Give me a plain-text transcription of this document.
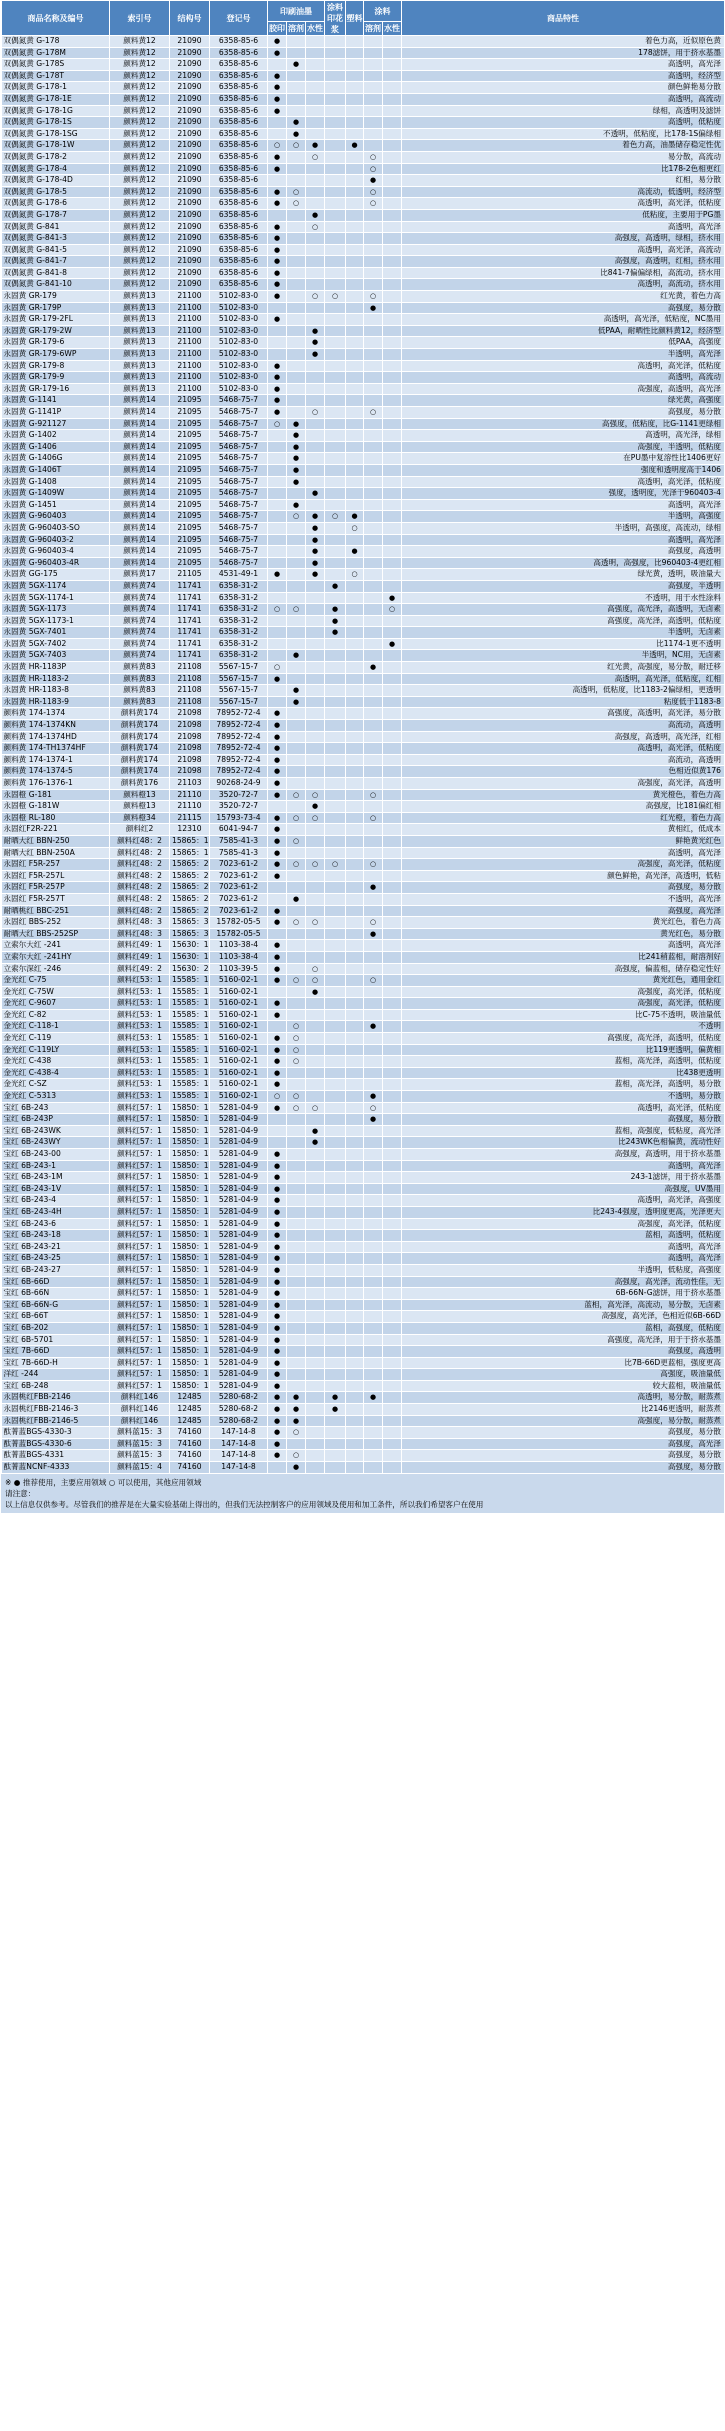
商品名称及编号	索引号	结构号	登记号	印刷油墨			涂料印花浆	塑料	涂料		商品特性
				胶印	溶剂	水性			溶剂	水性	
双偶氮黄 G-178	颜料黄12	21090	6358-85-6	●							着色力高，近似原色黄
双偶氮黄 G-178M	颜料黄12	21090	6358-85-6	●							178滤饼，用于挤水基墨
双偶氮黄 G-178S	颜料黄12	21090	6358-85-6		●						高透明，高光泽
双偶氮黄 G-178T	颜料黄12	21090	6358-85-6	●							高透明，经济型
双偶氮黄 G-178-1	颜料黄12	21090	6358-85-6	●							颜色鲜艳易分散
双偶氮黄 G-178-1E	颜料黄12	21090	6358-85-6	●							高透明，高流动
双偶氮黄 G-178-1G	颜料黄12	21090	6358-85-6	●							绿相，高透明及滤饼
双偶氮黄 G-178-1S	颜料黄12	21090	6358-85-6		●						高透明，低粘度
双偶氮黄 G-178-1SG	颜料黄12	21090	6358-85-6		●						不透明，低粘度，比178-1S偏绿相
双偶氮黄 G-178-1W	颜料黄12	21090	6358-85-6	○	○	●		●			着色力高，油墨储存稳定性优
双偶氮黄 G-178-2	颜料黄12	21090	6358-85-6	●		○			○		易分散，高流动
双偶氮黄 G-178-4	颜料黄12	21090	6358-85-6	●					○		比178-2色相更红
双偶氮黄 G-178-4D	颜料黄12	21090	6358-85-6						●		红相，易分散
双偶氮黄 G-178-5	颜料黄12	21090	6358-85-6	●	○				○		高流动，低透明，经济型
双偶氮黄 G-178-6	颜料黄12	21090	6358-85-6	●	○				○		高透明，高光泽，低粘度
双偶氮黄 G-178-7	颜料黄12	21090	6358-85-6			●					低粘度，主要用于PG墨
双偶氮黄 G-841	颜料黄12	21090	6358-85-6	●		○					高透明，高光泽
双偶氮黄 G-841-3	颜料黄12	21090	6358-85-6	●							高强度，高透明，绿相，挤水用
双偶氮黄 G-841-5	颜料黄12	21090	6358-85-6	●							高透明，高光泽，高流动
双偶氮黄 G-841-7	颜料黄12	21090	6358-85-6	●							高强度，高透明，红相，挤水用
双偶氮黄 G-841-8	颜料黄12	21090	6358-85-6	●							比841-7偏偏绿相，高流动，挤水用
双偶氮黄 G-841-10	颜料黄12	21090	6358-85-6	●							高透明，高流动，挤水用
永固黄 GR-179	颜料黄13	21100	5102-83-0	●		○	○		○		红光黄，着色力高
永固黄 GR-179P	颜料黄13	21100	5102-83-0						●		高强度，易分散
永固黄 GR-179-2FL	颜料黄13	21100	5102-83-0	●							高透明，高光泽，低粘度，NC墨用
永固黄 GR-179-2W	颜料黄13	21100	5102-83-0			●					低PAA，耐晒性比颜料黄12，经济型
永固黄 GR-179-6	颜料黄13	21100	5102-83-0			●					低PAA，高强度
永固黄 GR-179-6WP	颜料黄13	21100	5102-83-0			●					半透明，高光泽
永固黄 GR-179-8	颜料黄13	21100	5102-83-0	●							高透明，高光泽，低粘度
永固黄 GR-179-9	颜料黄13	21100	5102-83-0	●							高透明，高流动
永固黄 GR-179-16	颜料黄13	21100	5102-83-0	●							高强度，高透明，高光泽
永固黄 G-1141	颜料黄14	21095	5468-75-7	●							绿光黄，高强度
永固黄 G-1141P	颜料黄14	21095	5468-75-7	●		○			○		高强度，易分散
永固黄 G-921127	颜料黄14	21095	5468-75-7	○	●						高强度，低粘度，比G-1141更绿相
永固黄 G-1402	颜料黄14	21095	5468-75-7		●						高透明，高光泽，绿相
永固黄 G-1406	颜料黄14	21095	5468-75-7		●						高强度，半透明，低粘度
永固黄 G-1406G	颜料黄14	21095	5468-75-7		●						在PU墨中复溶性比1406更好
永固黄 G-1406T	颜料黄14	21095	5468-75-7		●						强度和透明度高于1406
永固黄 G-1408	颜料黄14	21095	5468-75-7		●						高透明，高光泽，低粘度
永固黄 G-1409W	颜料黄14	21095	5468-75-7			●					强度，透明度，光泽于960403-4
永固黄 G-1451	颜料黄14	21095	5468-75-7		●						高透明，高光泽
永固黄 G-960403	颜料黄14	21095	5468-75-7		○	●	○	●			半透明，高强度
永固黄 G-960403-SO	颜料黄14	21095	5468-75-7			●		○			半透明，高强度，高流动，绿相
永固黄 G-960403-2	颜料黄14	21095	5468-75-7			●					高透明，高光泽
永固黄 G-960403-4	颜料黄14	21095	5468-75-7			●		●			高强度，高透明
永固黄 G-960403-4R	颜料黄14	21095	5468-75-7			●					高透明，高强度，比960403-4更红相
永固黄 GG-175	颜料黄17	21105	4531-49-1	●		●		○			绿光黄，透明，吸油量大
永固黄 5GX-1174	颜料黄74	11741	6358-31-2				●				高强度，半透明
永固黄 5GX-1174-1	颜料黄74	11741	6358-31-2							●	不透明，用于水性涂料
永固黄 5GX-1173	颜料黄74	11741	6358-31-2	○	○		●			○	高强度，高光泽，高透明，无卤素
永固黄 5GX-1173-1	颜料黄74	11741	6358-31-2				●				高强度，高光泽，高透明，低粘度
永固黄 5GX-7401	颜料黄74	11741	6358-31-2				●				半透明，无卤素
永固黄 5GX-7402	颜料黄74	11741	6358-31-2							●	比1174-1更不透明
永固黄 5GX-7403	颜料黄74	11741	6358-31-2		●						半透明，NC用，无卤素
永固黄 HR-1183P	颜料黄83	21108	5567-15-7	○					●		红光黄，高强度，易分散，耐迁移
永固黄 HR-1183-2	颜料黄83	21108	5567-15-7	●							高透明，高光泽，低粘度，红相
永固黄 HR-1183-8	颜料黄83	21108	5567-15-7		●						高透明，低粘度，比1183-2偏绿相，更透明
永固黄 HR-1183-9	颜料黄83	21108	5567-15-7		●						粘度低于1183-8
颜料黄 174-1374	颜料黄174	21098	78952-72-4	●							高强度，高透明，高光泽，易分散
颜料黄 174-1374KN	颜料黄174	21098	78952-72-4	●							高流动，高透明
颜料黄 174-1374HD	颜料黄174	21098	78952-72-4	●							高强度，高透明，高光泽，红相
颜料黄 174-TH1374HF	颜料黄174	21098	78952-72-4	●							高透明，高光泽，低粘度
颜料黄 174-1374-1	颜料黄174	21098	78952-72-4	●							高流动，高透明
颜料黄 174-1374-5	颜料黄174	21098	78952-72-4	●							色相近似黄176
颜料黄 176-1376-1	颜料黄176	21103	90268-24-9	●							高强度，高光泽，高透明
永固橙 G-181	颜料橙13	21110	3520-72-7	●	○	○			○		黄光橙色，着色力高
永固橙 G-181W	颜料橙13	21110	3520-72-7			●					高强度，比181偏红相
永固橙 RL-180	颜料橙34	21115	15793-73-4	●	○	○			○		红光橙，着色力高
永固红F2R-221	颜料红2	12310	6041-94-7	●							黄相红，低成本
耐晒大红 BBN-250	颜料红48：2	15865：1	7585-41-3	●	○						鲜艳黄光红色
耐晒大红 BBN-250A	颜料红48：2	15865：1	7585-41-3	●							高透明，高光泽
永固红 F5R-257	颜料红48：2	15865：2	7023-61-2	●	○	○	○		○		高强度，高光泽，低粘度
永固红 F5R-257L	颜料红48：2	15865：2	7023-61-2	●							颜色鲜艳，高光泽，高透明，低粘
永固红 F5R-257P	颜料红48：2	15865：2	7023-61-2						●		高强度，易分散
永固红 F5R-257T	颜料红48：2	15865：2	7023-61-2		●						不透明，高光泽
耐晒桃红 BBC-251	颜料红48：2	15865：2	7023-61-2	●							高强度，高光泽
永固红 BBS-252	颜料红48：3	15865：3	15782-05-5	●	○	○			○		黄光红色，着色力高
耐晒大红 BBS-252SP	颜料红48：3	15865：3	15782-05-5						●		黄光红色，易分散
立索尔大红 -241	颜料红49：1	15630：1	1103-38-4	●							高透明，高光泽
立索尔大红 -241HY	颜料红49：1	15630：1	1103-38-4	●							比241稍蓝相，耐溶剂好
立索尔深红 -246	颜料红49：2	15630：2	1103-39-5	●		○					高强度，偏蓝相，储存稳定性好
金光红 C-75	颜料红53：1	15585：1	5160-02-1	●	○	○			○		黄光红色，通用金红
金光红 C-75W	颜料红53：1	15585：1	5160-02-1			●					高强度，高光泽，低粘度
金光红 C-9607	颜料红53：1	15585：1	5160-02-1	●							高强度，高光泽，低粘度
金光红 C-82	颜料红53：1	15585：1	5160-02-1	●							比C-75不透明，吸油量低
金光红 C-118-1	颜料红53：1	15585：1	5160-02-1		○				●		不透明
金光红 C-119	颜料红53：1	15585：1	5160-02-1	●	○						高强度，高光泽，高透明，低粘度
金光红 C-119LY	颜料红53：1	15585：1	5160-02-1	●	○						比119更透明，偏黄相
金光红 C-438	颜料红53：1	15585：1	5160-02-1	●	○						蓝相，高光泽，高透明，低粘度
金光红 C-438-4	颜料红53：1	15585：1	5160-02-1	●							比438更透明
金光红 C-SZ	颜料红53：1	15585：1	5160-02-1	●							蓝相，高光泽，高透明，易分散
金光红 C-5313	颜料红53：1	15585：1	5160-02-1	○	○				●		不透明，易分散
宝红 6B-243	颜料红57：1	15850：1	5281-04-9	●	○	○			○		高透明，高光泽，低粘度
宝红 6B-243P	颜料红57：1	15850：1	5281-04-9						●		高强度，易分散
宝红 6B-243WK	颜料红57：1	15850：1	5281-04-9			●					蓝相，高强度，低粘度，高光泽
宝红 6B-243WY	颜料红57：1	15850：1	5281-04-9			●					比243WK色相偏黄，流动性好
宝红 6B-243-00	颜料红57：1	15850：1	5281-04-9	●							高强度，高透明，用于挤水基墨
宝红 6B-243-1	颜料红57：1	15850：1	5281-04-9	●							高透明，高光泽
宝红 6B-243-1M	颜料红57：1	15850：1	5281-04-9	●							243-1滤饼，用于挤水基墨
宝红 6B-243-1V	颜料红57：1	15850：1	5281-04-9	●							高强度，UV墨用
宝红 6B-243-4	颜料红57：1	15850：1	5281-04-9	●							高透明，高光泽，高强度
宝红 6B-243-4H	颜料红57：1	15850：1	5281-04-9	●							比243-4强度，透明度更高，光泽更大
宝红 6B-243-6	颜料红57：1	15850：1	5281-04-9	●							高强度，高光泽，低粘度
宝红 6B-243-18	颜料红57：1	15850：1	5281-04-9	●							蓝相，高透明，低粘度
宝红 6B-243-21	颜料红57：1	15850：1	5281-04-9	●							高透明，高光泽
宝红 6B-243-25	颜料红57：1	15850：1	5281-04-9	●							高透明，高光泽
宝红 6B-243-27	颜料红57：1	15850：1	5281-04-9	●							半透明，低粘度，高强度
宝红 6B-66D	颜料红57：1	15850：1	5281-04-9	●							高强度，高光泽，流动性佳，无
宝红 6B-66N	颜料红57：1	15850：1	5281-04-9	●							6B-66N-G滤饼，用于挤水基墨
宝红 6B-66N-G	颜料红57：1	15850：1	5281-04-9	●							蓝相，高光泽，高流动，易分散，无卤素
宝红 6B-66T	颜料红57：1	15850：1	5281-04-9	●							高强度，高光泽，色相近似6B-66D
宝红 6B-202	颜料红57：1	15850：1	5281-04-9	●							蓝相，高强度，低粘度
宝红 6B-5701	颜料红57：1	15850：1	5281-04-9	●							高强度，高光泽，用于于挤水基墨
宝红 7B-66D	颜料红57：1	15850：1	5281-04-9	●							高强度，高透明
宝红 7B-66D-H	颜料红57：1	15850：1	5281-04-9	●							比7B-66D更蓝相，强度更高
洋红 -244	颜料红57：1	15850：1	5281-04-9	●							高强度，吸油量低
宝红 6B-248	颜料红57：1	15850：1	5281-04-9	●							较大蓝相，吸油量低
永固桃红FBB-2146	颜料红146	12485	5280-68-2	●	●		●		●		高透明，易分散，耐蒸煮
永固桃红FBB-2146-3	颜料红146	12485	5280-68-2	●	●		●				比2146更透明，耐蒸煮
永固桃红FBB-2146-5	颜料红146	12485	5280-68-2	●	●						高强度，易分散，耐蒸煮
酞菁蓝BGS-4330-3	颜料蓝15：3	74160	147-14-8	●	○						高强度，易分散
酞菁蓝BGS-4330-6	颜料蓝15：3	74160	147-14-8	●							高强度，高光泽
酞菁蓝BGS-4331	颜料蓝15：3	74160	147-14-8	●	○						高强度，易分散
酞菁蓝NCNF-4333	颜料蓝15：4	74160	147-14-8		●						高强度，易分散
※ ● 推荐使用，主要应用领域 ○ 可以使用，其他应用领域
请注意：
以上信息仅供参考。尽管我们的推荐是在大量实验基础上得出的，但我们无法控制客户的应用领域及使用和加工条件，所以我们希望客户在使用
